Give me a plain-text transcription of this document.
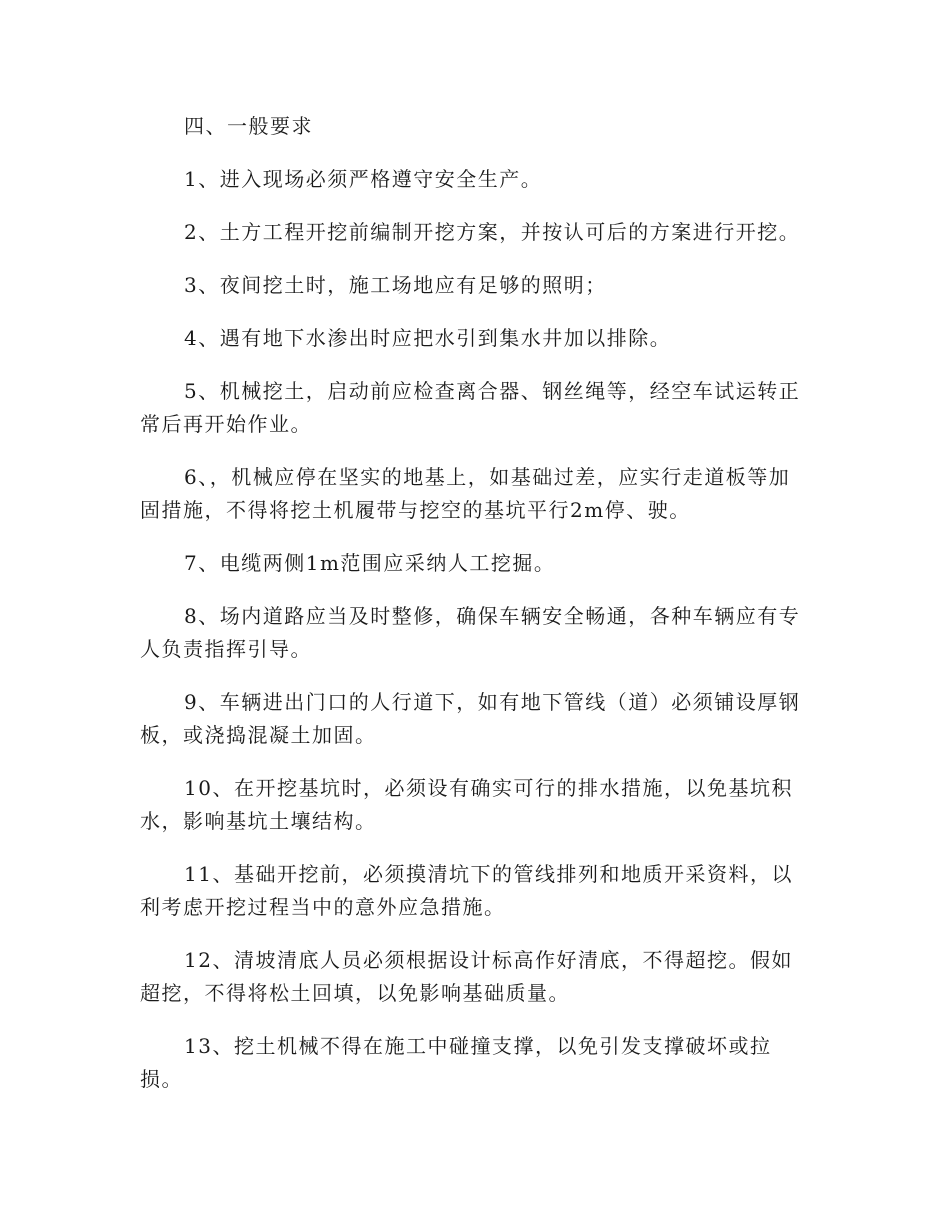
四、一般要求

1、进入现场必须严格遵守安全生产。

2、土方工程开挖前编制开挖方案，并按认可后的方案进行开挖。

3、夜间挖土时，施工场地应有足够的照明；

4、遇有地下水渗出时应把水引到集水井加以排除。

5、机械挖土，启动前应检查离合器、钢丝绳等，经空车试运转正常后再开始作业。

6、，机械应停在坚实的地基上，如基础过差，应实行走道板等加固措施，不得将挖土机履带与挖空的基坑平行2m停、驶。

7、电缆两侧1m范围应采纳人工挖掘。

8、场内道路应当及时整修，确保车辆安全畅通，各种车辆应有专人负责指挥引导。

9、车辆进出门口的人行道下，如有地下管线（道）必须铺设厚钢板，或浇捣混凝土加固。

10、在开挖基坑时，必须设有确实可行的排水措施，以免基坑积水，影响基坑土壤结构。

11、基础开挖前，必须摸清坑下的管线排列和地质开采资料，以利考虑开挖过程当中的意外应急措施。

12、清坡清底人员必须根据设计标高作好清底，不得超挖。假如超挖，不得将松土回填，以免影响基础质量。

13、挖土机械不得在施工中碰撞支撑，以免引发支撑破坏或拉损。
